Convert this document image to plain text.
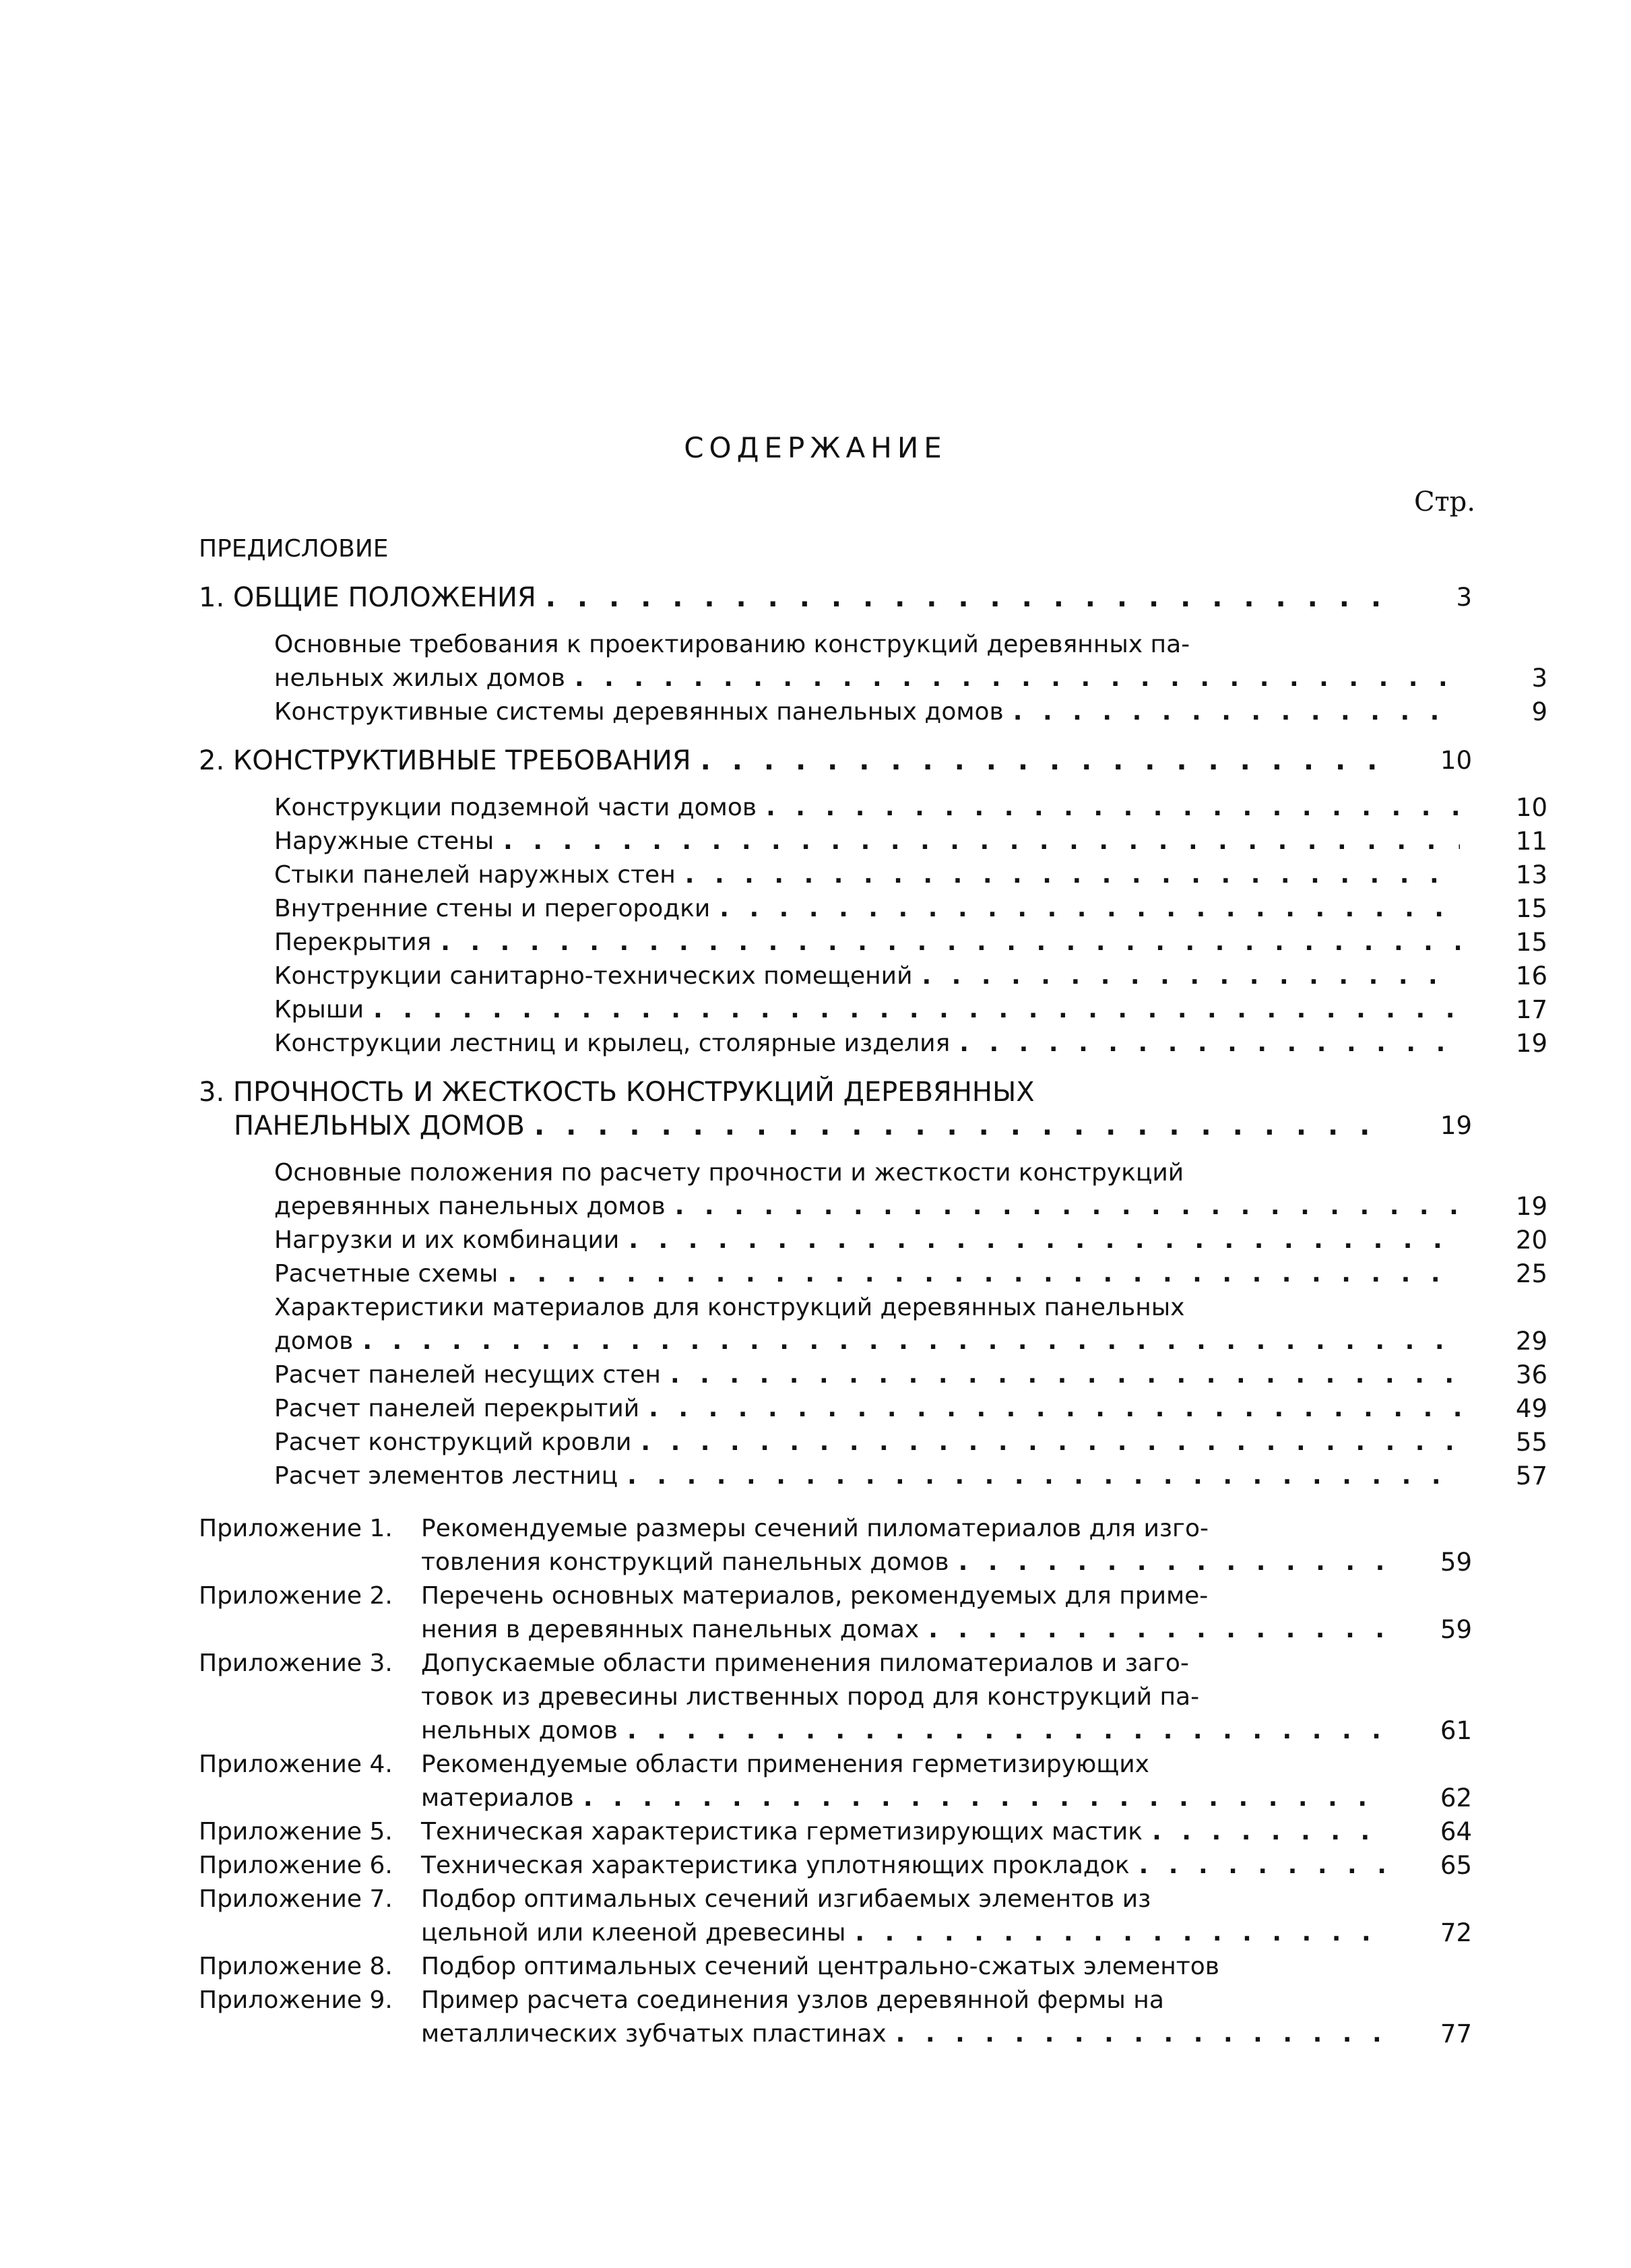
СОДЕРЖАНИЕ
Стр.
ПРЕДИСЛОВИЕ
1. ОБЩИЕ ПОЛОЖЕНИЯ . . .	3
Основные требования к проектированию конструкций деревянных па-
нельных жилых домов . . .	3
Конструктивные системы деревянных панельных домов . . .	9
2. КОНСТРУКТИВНЫЕ ТРЕБОВАНИЯ . . .	10
Конструкции подземной части домов . . .	10
Наружные стены . . .	11
Стыки панелей наружных стен . . .	13
Внутренние стены и перегородки . . .	15
Перекрытия . . .	15
Конструкции санитарно-технических помещений . . .	16
Крыши . . .	17
Конструкции лестниц и крылец, столярные изделия . . .	19
3. ПРОЧНОСТЬ И ЖЕСТКОСТЬ КОНСТРУКЦИЙ ДЕРЕВЯННЫХ
ПАНЕЛЬНЫХ ДОМОВ . . .	19
Основные положения по расчету прочности и жесткости конструкций
деревянных панельных домов . . .	19
Нагрузки и их комбинации . . .	20
Расчетные схемы . . .	25
Характеристики материалов для конструкций деревянных панельных
домов . . .	29
Расчет панелей несущих стен . . .	36
Расчет панелей перекрытий . . .	49
Расчет конструкций кровли . . .	55
Расчет элементов лестниц . . .	57
Приложение 1.	Рекомендуемые размеры сечений пиломатериалов для изго-
товления конструкций панельных домов . . .	59
Приложение 2.	Перечень основных материалов, рекомендуемых для приме-
нения в деревянных панельных домах . . .	59
Приложение 3.	Допускаемые области применения пиломатериалов и заго-
товок из древесины лиственных пород для конструкций па-
нельных домов . . .	61
Приложение 4.	Рекомендуемые области применения герметизирующих
материалов . . .	62
Приложение 5.	Техническая характеристика герметизирующих мастик . . .	64
Приложение 6.	Техническая характеристика уплотняющих прокладок . . .	65
Приложение 7.	Подбор оптимальных сечений изгибаемых элементов из
цельной или клееной древесины . . .	72
Приложение 8.	Подбор оптимальных сечений центрально-сжатых элементов
Приложение 9.	Пример расчета соединения узлов деревянной фермы на
металлических зубчатых пластинах . . .	77
